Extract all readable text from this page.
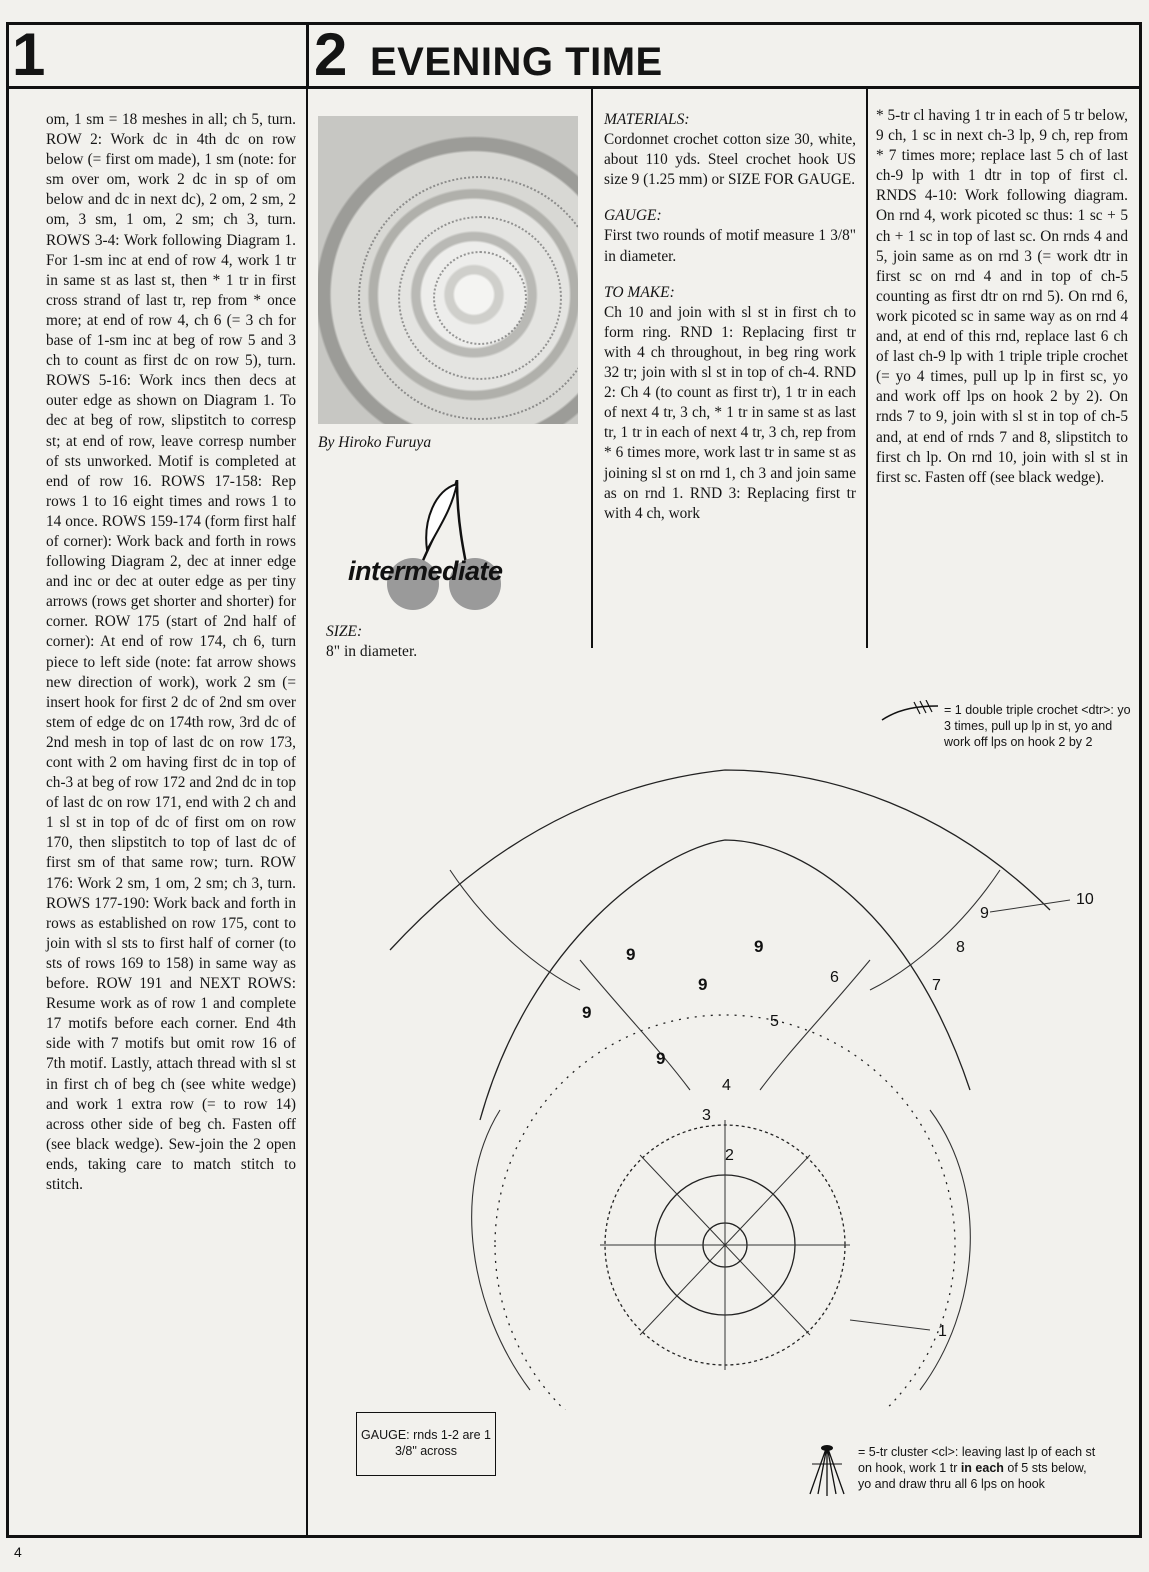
1	2 EVENING TIME

om, 1 sm = 18 meshes in all; ch 5, turn. ROW 2: Work dc in 4th dc on row below (= first om made), 1 sm (note: for sm over om, work 2 dc in sp of om below and dc in next dc), 2 om, 2 sm, 2 om, 3 sm, 1 om, 2 sm; ch 3, turn. ROWS 3-4: Work following Diagram 1. For 1-sm inc at end of row 4, work 1 tr in same st as last st, then * 1 tr in first cross strand of last tr, rep from * once more; at end of row 4, ch 6 (= 3 ch for base of 1-sm inc at beg of row 5 and 3 ch to count as first dc on row 5), turn. ROWS 5-16: Work incs then decs at outer edge as shown on Diagram 1. To dec at beg of row, slipstitch to corresp st; at end of row, leave corresp number of sts unworked. Motif is completed at end of row 16. ROWS 17-158: Rep rows 1 to 16 eight times and rows 1 to 14 once. ROWS 159-174 (form first half of corner): Work back and forth in rows following Diagram 2, dec at inner edge and inc or dec at outer edge as per tiny arrows (rows get shorter and shorter) for corner. ROW 175 (start of 2nd half of corner): At end of row 174, ch 6, turn piece to left side (note: fat arrow shows new direction of work), work 2 sm (= insert hook for first 2 dc of 2nd sm over stem of edge dc on 174th row, 3rd dc of 2nd mesh in top of last dc on row 173, cont with 2 om having first dc in top of ch-3 at beg of row 172 and 2nd dc in top of last dc on row 171, end with 2 ch and 1 sl st in top of dc of first om on row 170, then slipstitch to top of last dc of first sm of that same row; turn. ROW 176: Work 2 sm, 1 om, 2 sm; ch 3, turn. ROWS 177-190: Work back and forth in rows as established on row 175, cont to join with sl sts to first half of corner (to sts of rows 169 to 158) in same way as before. ROW 191 and NEXT ROWS: Resume work as of row 1 and complete 17 motifs before each corner. End 4th side with 7 motifs but omit row 16 of 7th motif. Lastly, attach thread with sl st in first ch of beg ch (see white wedge) and work 1 extra row (= to row 14) across other side of beg ch. Fasten off (see black wedge). Sew-join the 2 open ends, taking care to match stitch to stitch.

By Hiroko Furuya
intermediate
SIZE:
8" in diameter.

MATERIALS:

Cordonnet crochet cotton size 30, white, about 110 yds. Steel crochet hook US size 9 (1.25 mm) or SIZE FOR GAUGE.

GAUGE:

First two rounds of motif measure 1 3/8" in diameter.

TO MAKE:

Ch 10 and join with sl st in first ch to form ring. RND 1: Replacing first tr with 4 ch throughout, in beg ring work 32 tr; join with sl st in top of ch-4. RND 2: Ch 4 (to count as first tr), 1 tr in each of next 4 tr, 3 ch, * 1 tr in same st as last tr, 1 tr in each of next 4 tr, 3 ch, rep from * 6 times more, work last tr in same st as joining sl st on rnd 1, ch 3 and join same as on rnd 1. RND 3: Replacing first tr with 4 ch, work

* 5-tr cl having 1 tr in each of 5 tr below, 9 ch, 1 sc in next ch-3 lp, 9 ch, rep from * 7 times more; replace last 5 ch of last ch-9 lp with 1 dtr in top of first cl. RNDS 4-10: Work following diagram. On rnd 4, work picoted sc thus: 1 sc + 5 ch + 1 sc in top of last sc. On rnds 4 and 5, join same as on rnd 3 (= work dtr in first sc on rnd 4 and in top of ch-5 counting as first dtr on rnd 5). On rnd 6, work picoted sc in same way as on rnd 4 and, at end of this rnd, replace last 6 ch of last ch-9 lp with 1 triple triple crochet (= yo 4 times, pull up lp in first sc, yo and work off lps on hook 2 by 2). On rnds 7 to 9, join with sl st in top of ch-5 and, at end of rnds 7 and 8, slipstitch to first ch lp. On rnd 10, join with sl st in first sc. Fasten off (see black wedge).

= 1 double triple crochet <dtr>: yo 3 times, pull up lp in st, yo and work off lps on hook 2 by 2
1
2
3
4
5
6	7
8
9
10
9	9
9
9
9
= 5-tr cluster <cl>: leaving last lp of each st on hook, work 1 tr in each of 5 sts below, yo and draw thru all 6 lps on hook
GAUGE: rnds 1-2 are 1 3/8" across
4
